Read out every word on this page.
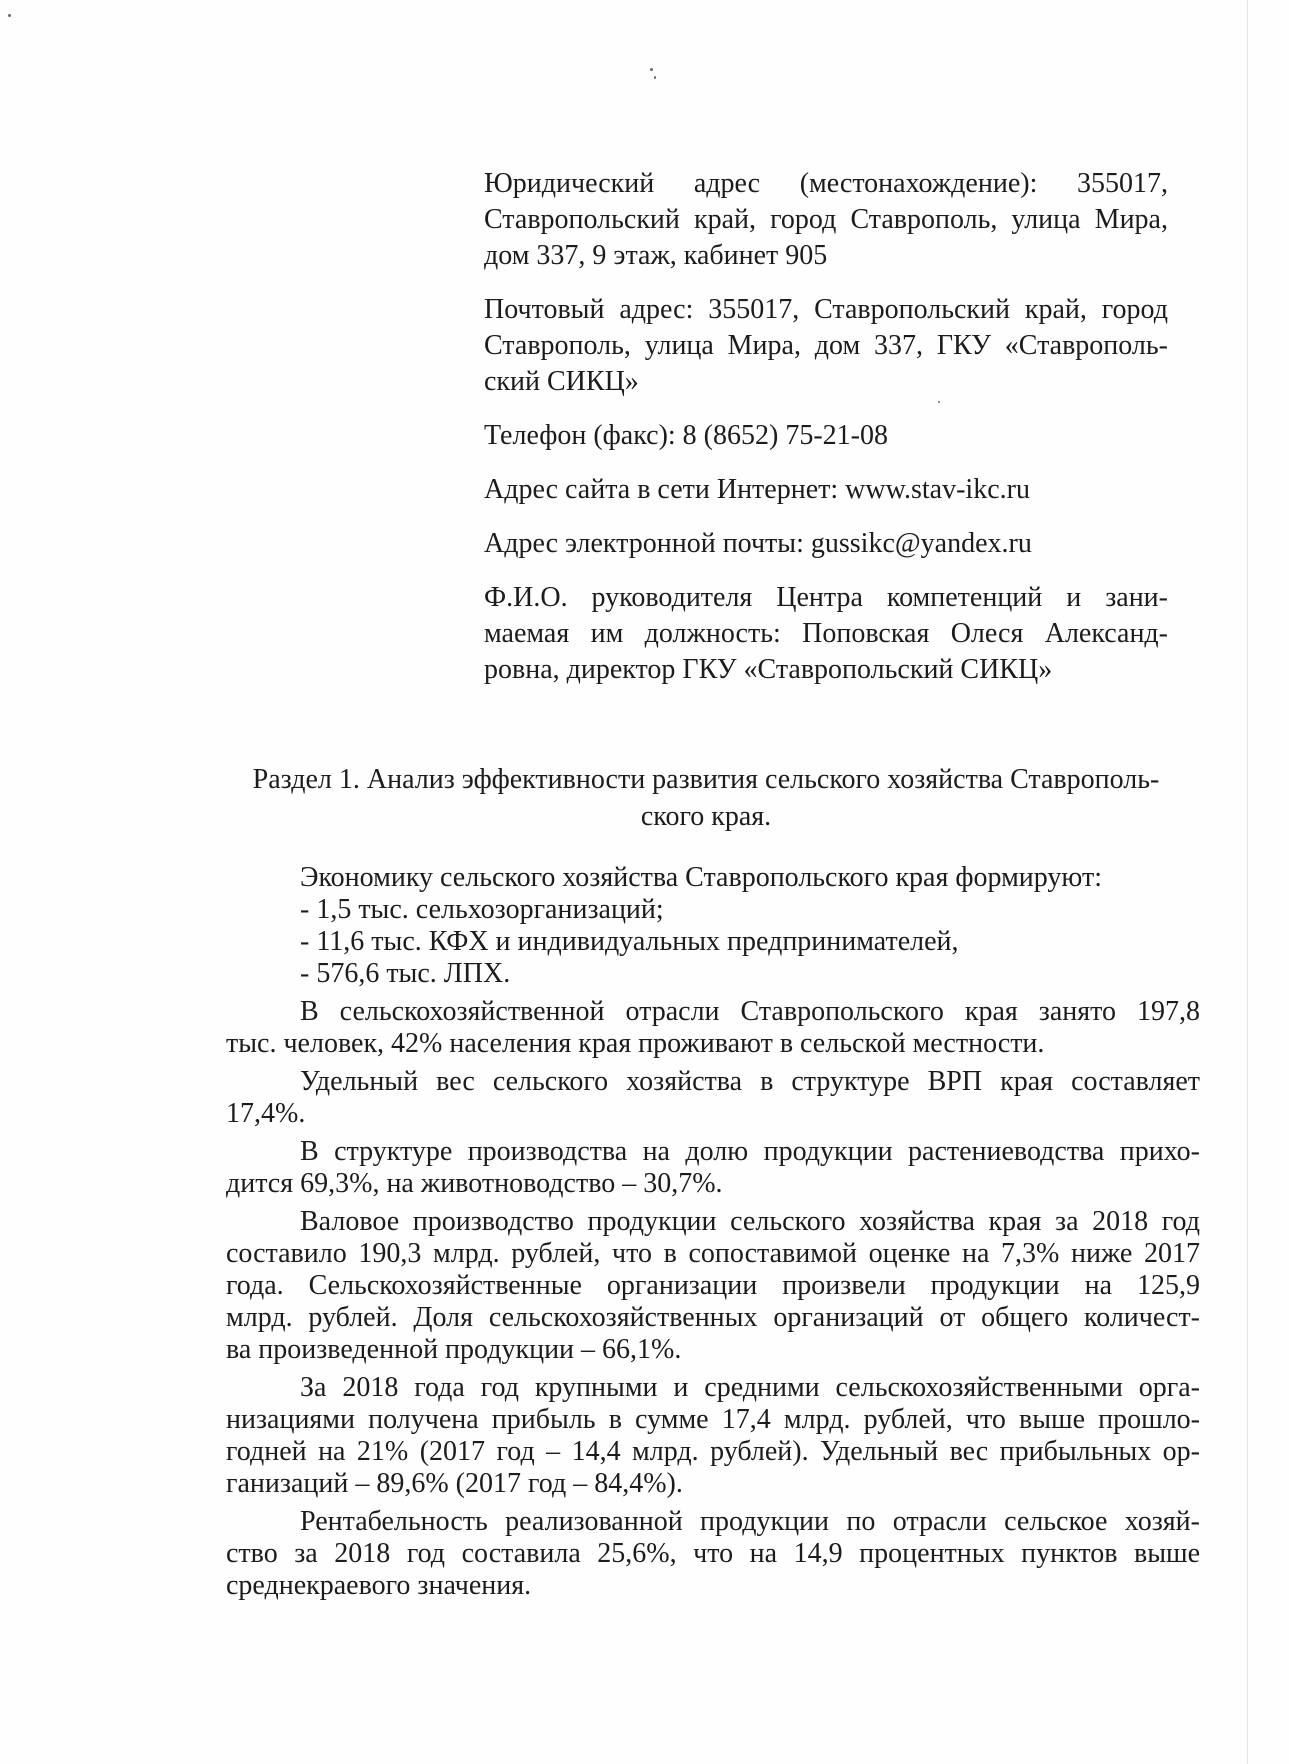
Юридический адрес (местонахождение): 355017,
Ставропольский край, город Ставрополь, улица Мира,
дом 337, 9 этаж, кабинет 905
Почтовый адрес: 355017, Ставропольский край, город
Ставрополь, улица Мира, дом 337, ГКУ «Ставрополь-
ский СИКЦ»
Телефон (факс): 8 (8652) 75-21-08
Адрес сайта в сети Интернет: www.stav-ikc.ru
Адрес электронной почты: gussikc@yandex.ru
Ф.И.О. руководителя Центра компетенций и зани-
маемая им должность: Поповская Олеся Александ-
ровна, директор ГКУ «Ставропольский СИКЦ»
Раздел 1. Анализ эффективности развития сельского хозяйства Ставрополь-
ского края.
Экономику сельского хозяйства Ставропольского края формируют:
- 1,5 тыс. сельхозорганизаций;
- 11,6 тыс. КФХ и индивидуальных предпринимателей,
- 576,6 тыс. ЛПХ.
В сельскохозяйственной отрасли Ставропольского края занято 197,8
тыс. человек, 42% населения края проживают в сельской местности.
Удельный вес сельского хозяйства в структуре ВРП края составляет
17,4%.
В структуре производства на долю продукции растениеводства прихо-
дится 69,3%, на животноводство – 30,7%.
Валовое производство продукции сельского хозяйства края за 2018 год
составило 190,3 млрд. рублей, что в сопоставимой оценке на 7,3% ниже 2017
года. Сельскохозяйственные организации произвели продукции на 125,9
млрд. рублей. Доля сельскохозяйственных организаций от общего количест-
ва произведенной продукции – 66,1%.
За 2018 года год крупными и средними сельскохозяйственными орга-
низациями получена прибыль в сумме 17,4 млрд. рублей, что выше прошло-
годней на 21% (2017 год – 14,4 млрд. рублей). Удельный вес прибыльных ор-
ганизаций – 89,6% (2017 год – 84,4%).
Рентабельность реализованной продукции по отрасли сельское хозяй-
ство за 2018 год составила 25,6%, что на 14,9 процентных пунктов выше
среднекраевого значения.
